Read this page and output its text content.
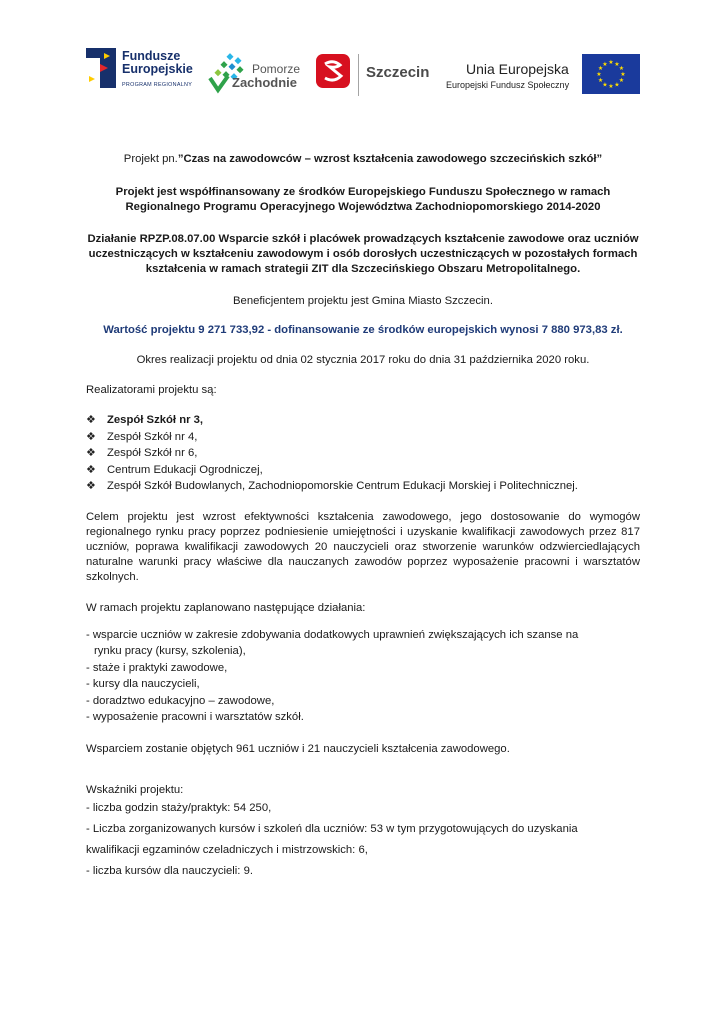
Fundusze
Europejskie
PROGRAM REGIONALNY
Pomorze
Zachodnie
Szczecin	Unia Europejska
Europejski Fundusz Społeczny
★ ★
★
★
★
★
★
★
★
★
★
★

Projekt pn.”Czas na zawodowców – wzrost kształcenia zawodowego szczecińskich szkół”

Projekt jest współfinansowany ze środków Europejskiego Funduszu Społecznego w ramach Regionalnego Programu Operacyjnego Województwa Zachodniopomorskiego 2014-2020

Działanie RPZP.08.07.00 Wsparcie szkół i placówek prowadzących kształcenie zawodowe oraz uczniów uczestniczących w kształceniu zawodowym i osób dorosłych uczestniczących w pozostałych formach kształcenia w ramach strategii ZIT dla Szczecińskiego Obszaru Metropolitalnego.

Beneficjentem projektu jest Gmina Miasto Szczecin.

Wartość projektu 9 271 733,92 - dofinansowanie ze środków europejskich wynosi 7 880 973,83 zł.

Okres realizacji projektu od dnia 02 stycznia 2017 roku do dnia 31 października 2020 roku.

Realizatorami projektu są:

❖ Zespół Szkół nr 3,
❖ Zespół Szkół nr 4,
❖ Zespół Szkół nr 6,
❖ Centrum Edukacji Ogrodniczej,
❖ Zespół Szkół Budowlanych, Zachodniopomorskie Centrum Edukacji Morskiej i Politechnicznej.

Celem projektu jest wzrost efektywności kształcenia zawodowego, jego dostosowanie do wymogów regionalnego rynku pracy poprzez podniesienie umiejętności i uzyskanie kwalifikacji zawodowych przez 817 uczniów, poprawa kwalifikacji zawodowych 20 nauczycieli oraz stworzenie warunków odzwierciedlających naturalne warunki pracy właściwe dla nauczanych zawodów poprzez wyposażenie pracowni i warsztatów szkolnych.

W ramach projektu zaplanowano następujące działania:

- wsparcie uczniów w zakresie zdobywania dodatkowych uprawnień zwiększających ich szanse na
rynku pracy (kursy, szkolenia),
- staże i praktyki zawodowe,
- kursy dla nauczycieli,
- doradztwo edukacyjno – zawodowe,
- wyposażenie pracowni i warsztatów szkół.

Wsparciem zostanie objętych 961 uczniów i 21 nauczycieli kształcenia zawodowego.

Wskaźniki projektu:

- liczba godzin staży/praktyk: 54 250,
- Liczba zorganizowanych kursów i szkoleń dla uczniów: 53 w tym przygotowujących do uzyskania
kwalifikacji egzaminów czeladniczych i mistrzowskich: 6,
- liczba kursów dla nauczycieli: 9.
